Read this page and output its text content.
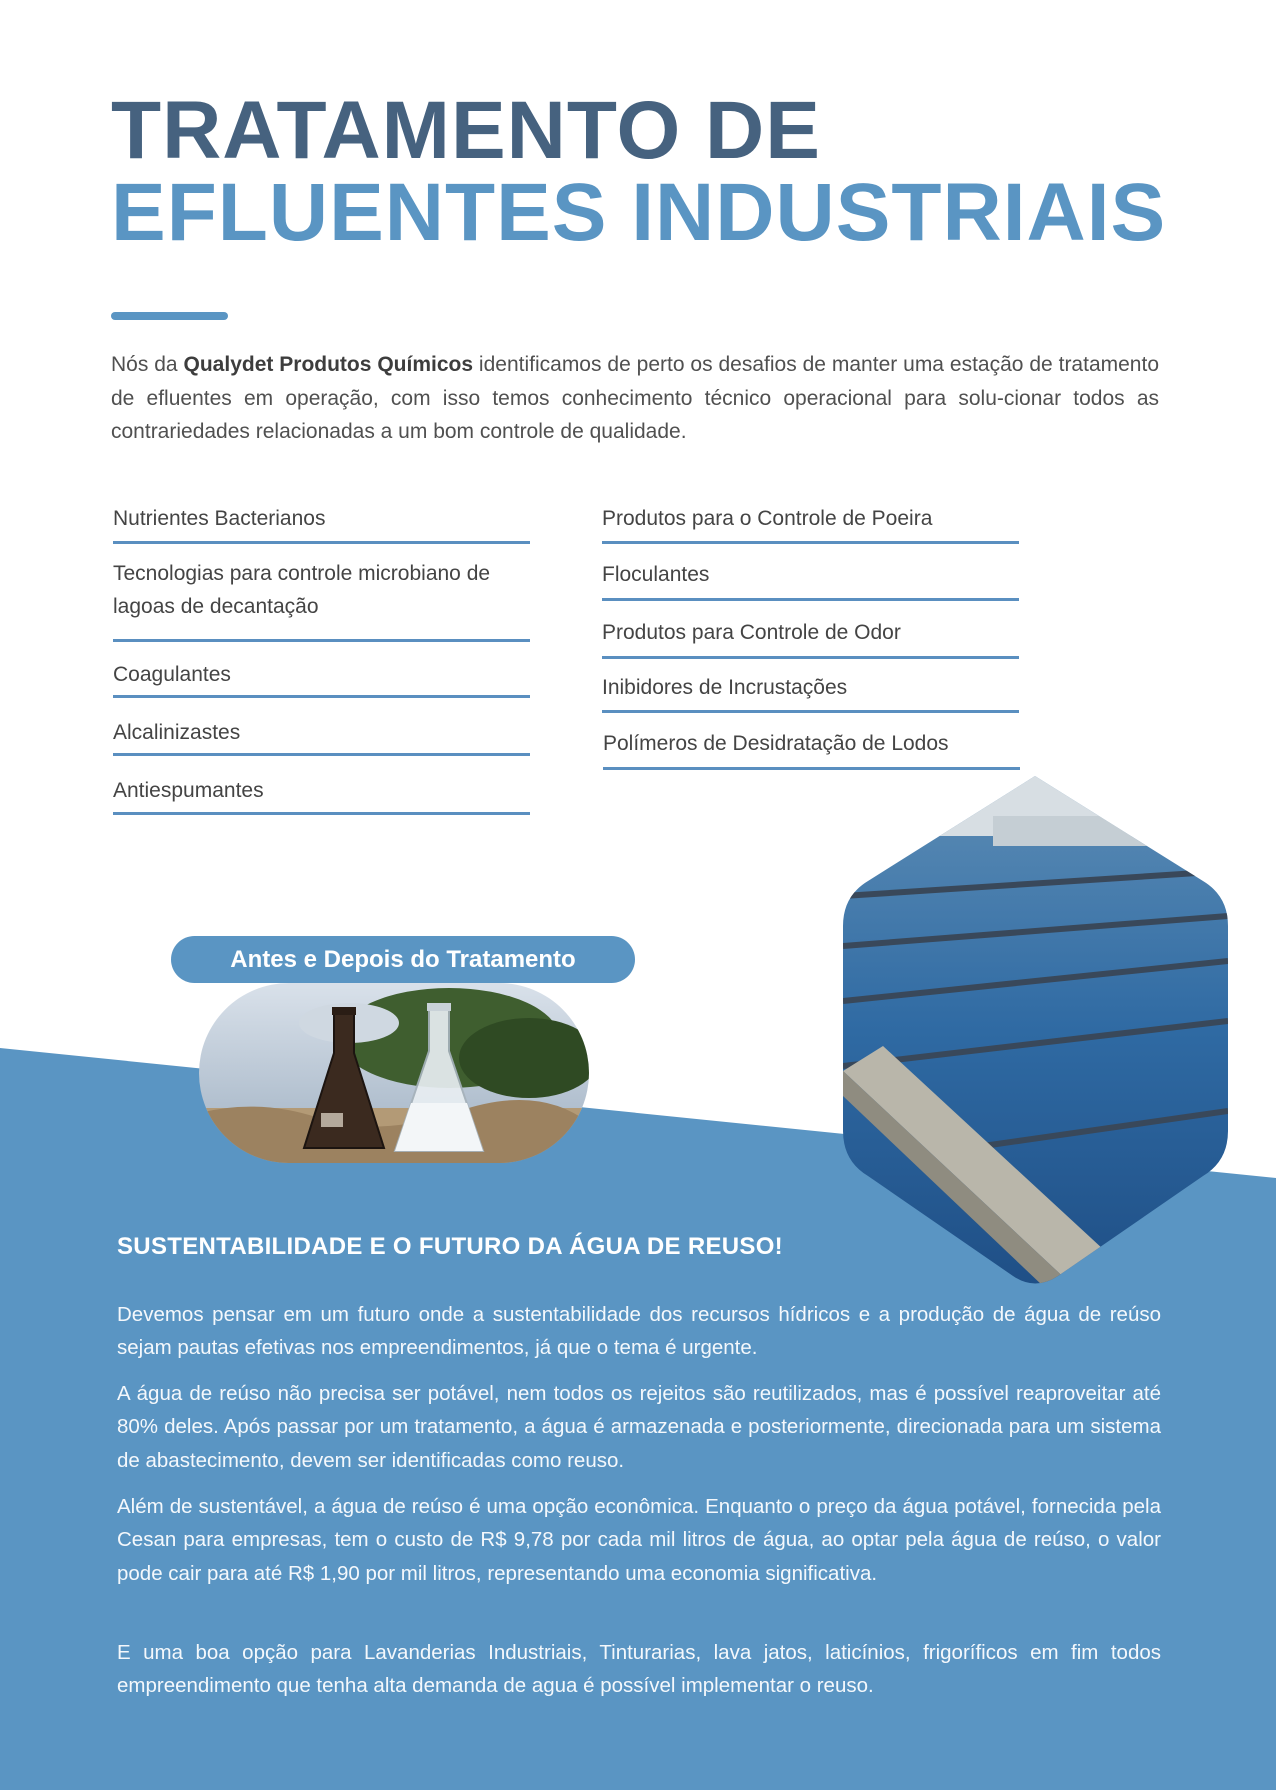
TRATAMENTO DE
EFLUENTES INDUSTRIAIS

Nós da Qualydet Produtos Químicos identificamos de perto os desafios de manter uma estação de tratamento de efluentes em operação, com isso temos conhecimento técnico operacional para solu-cionar todos as contrariedades relacionadas a um bom controle de qualidade.

Nutrientes Bacterianos
Tecnologias para controle microbiano de lagoas de decantação
Coagulantes
Alcalinizastes
Antiespumantes
Produtos para o Controle de Poeira
Floculantes
Produtos para Controle de Odor
Inibidores de Incrustações
Polímeros de Desidratação de Lodos
Antes e Depois do Tratamento
SUSTENTABILIDADE E O FUTURO DA ÁGUA DE REUSO!

Devemos pensar em um futuro onde a sustentabilidade dos recursos hídricos e a produção de água de reúso sejam pautas efetivas nos empreendimentos, já que o tema é urgente.

A água de reúso não precisa ser potável, nem todos os rejeitos são reutilizados, mas é possível reaproveitar até 80% deles. Após passar por um tratamento, a água é armazenada e posteriormente, direcionada para um sistema de abastecimento, devem ser identificadas como reuso.

Além de sustentável, a água de reúso é uma opção econômica. Enquanto o preço da água potável, fornecida pela Cesan para empresas, tem o custo de R$ 9,78 por cada mil litros de água, ao optar pela água de reúso, o valor pode cair para até R$ 1,90 por mil litros, representando uma economia significativa.

E uma boa opção para Lavanderias Industriais, Tinturarias, lava jatos, laticínios, frigoríficos em fim todos empreendimento que tenha alta demanda de agua é possível implementar o reuso.
